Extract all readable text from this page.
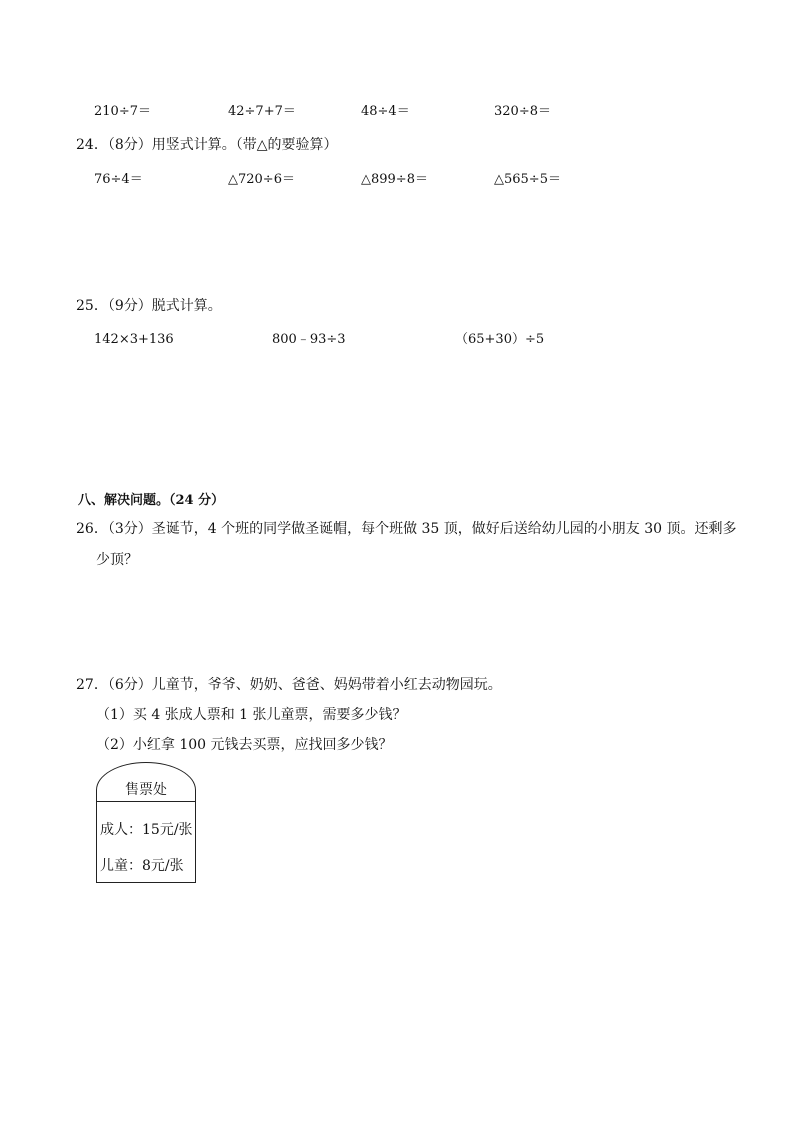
210÷7＝	42÷7+7＝	48÷4＝	320÷8＝
24．（8分）用竖式计算。（带△的要验算）
76÷4＝	△720÷6＝	△899÷8＝	△565÷5＝
25．（9分）脱式计算。
142×3+136	800﹣93÷3	（65+30）÷5
八、解决问题。（24 分）
26．（3分）圣诞节，4 个班的同学做圣诞帽，每个班做 35 顶，做好后送给幼儿园的小朋友 30 顶。还剩多
少顶？
27．（6分）儿童节，爷爷、奶奶、爸爸、妈妈带着小红去动物园玩。
（1）买 4 张成人票和 1 张儿童票，需要多少钱？
（2）小红拿 100 元钱去买票，应找回多少钱？
售票处
成人：15元/张
儿童：8元/张
